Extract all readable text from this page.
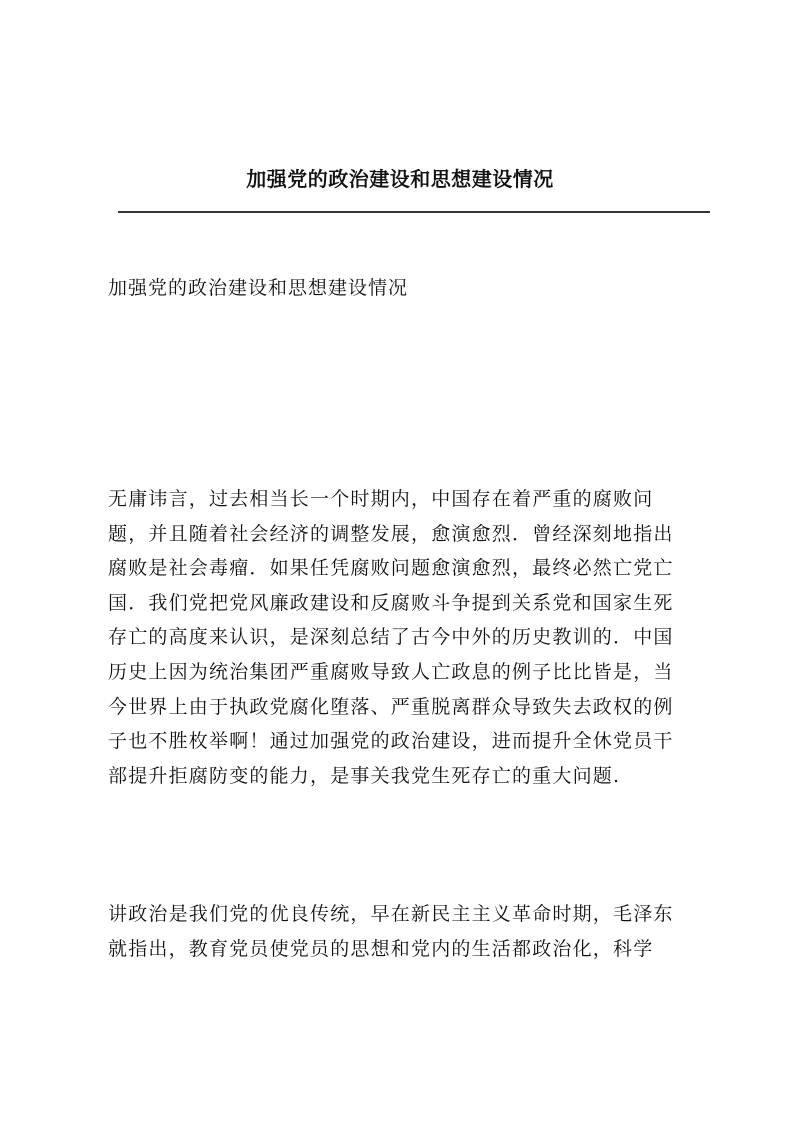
加强党的政治建设和思想建设情况
加强党的政治建设和思想建设情况
无庸讳言，过去相当长一个时期内，中国存在着严重的腐败问
题，并且随着社会经济的调整发展，愈演愈烈．曾经深刻地指出
腐败是社会毒瘤．如果任凭腐败问题愈演愈烈，最终必然亡党亡
国．我们党把党风廉政建设和反腐败斗争提到关系党和国家生死
存亡的高度来认识，是深刻总结了古今中外的历史教训的．中国
历史上因为统治集团严重腐败导致人亡政息的例子比比皆是，当
今世界上由于执政党腐化堕落、严重脱离群众导致失去政权的例
子也不胜枚举啊！通过加强党的政治建设，进而提升全休党员干
部提升拒腐防变的能力，是事关我党生死存亡的重大问题.
讲政治是我们党的优良传统，早在新民主主义革命时期，毛泽东
就指出，教育党员使党员的思想和党内的生活都政治化，科学
